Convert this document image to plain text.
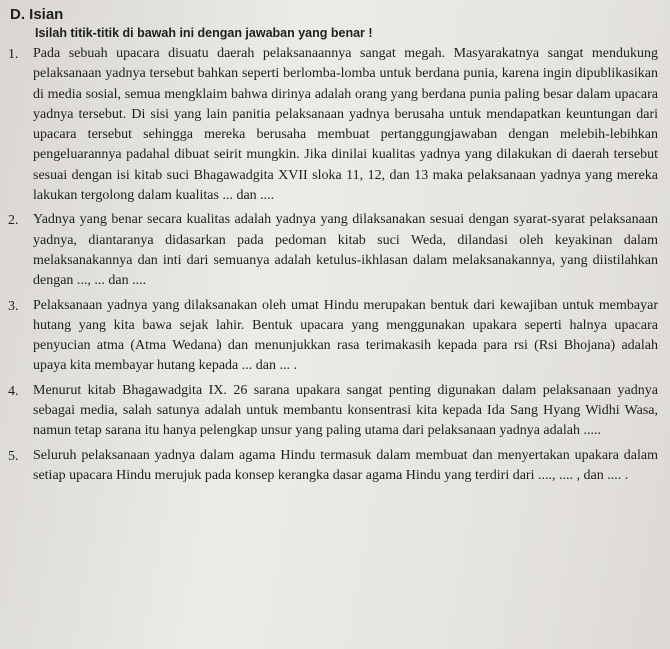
D. Isian
Isilah titik-titik di bawah ini dengan jawaban yang benar !
1.	Pada sebuah upacara disuatu daerah pelaksanaannya sangat megah. Masyarakatnya sangat mendukung pelaksanaan yadnya tersebut bahkan seperti berlomba-lomba untuk berdana punia, karena ingin dipublikasikan di media sosial, semua mengklaim bahwa dirinya adalah orang yang berdana punia paling besar dalam upacara yadnya tersebut. Di sisi yang lain panitia pelaksanaan yadnya berusaha untuk mendapatkan keuntungan dari upacara tersebut sehingga mereka berusaha membuat pertanggungjawaban dengan melebih-lebihkan pengeluarannya padahal dibuat seirit mungkin. Jika dinilai kualitas yadnya yang dilakukan di daerah tersebut sesuai dengan isi kitab suci Bhagawadgita XVII sloka 11, 12, dan 13 maka pelaksanaan yadnya yang mereka lakukan tergolong dalam kualitas ... dan ....
2.	Yadnya yang benar secara kualitas adalah yadnya yang dilaksanakan sesuai dengan syarat-syarat pelaksanaan yadnya, diantaranya didasarkan pada pedoman kitab suci Weda, dilandasi oleh keyakinan dalam melaksanakannya dan inti dari semuanya adalah ketulus-ikhlasan dalam melaksanakannya, yang diistilahkan dengan ..., ... dan ....
3.	Pelaksanaan yadnya yang dilaksanakan oleh umat Hindu merupakan bentuk dari kewajiban untuk membayar hutang yang kita bawa sejak lahir. Bentuk upacara yang menggunakan upakara seperti halnya upacara penyucian atma (Atma Wedana) dan menunjukkan rasa terimakasih kepada para rsi (Rsi Bhojana) adalah upaya kita membayar hutang kepada ... dan ... .
4.	Menurut kitab Bhagawadgita IX. 26 sarana upakara sangat penting digunakan dalam pelaksanaan yadnya sebagai media, salah satunya adalah untuk membantu konsentrasi kita kepada Ida Sang Hyang Widhi Wasa, namun tetap sarana itu hanya pelengkap unsur yang paling utama dari pelaksanaan yadnya adalah .....
5.	Seluruh pelaksanaan yadnya dalam agama Hindu termasuk dalam membuat dan menyertakan upakara dalam setiap upacara Hindu merujuk pada konsep kerangka dasar agama Hindu yang terdiri dari ...., .... , dan .... .
